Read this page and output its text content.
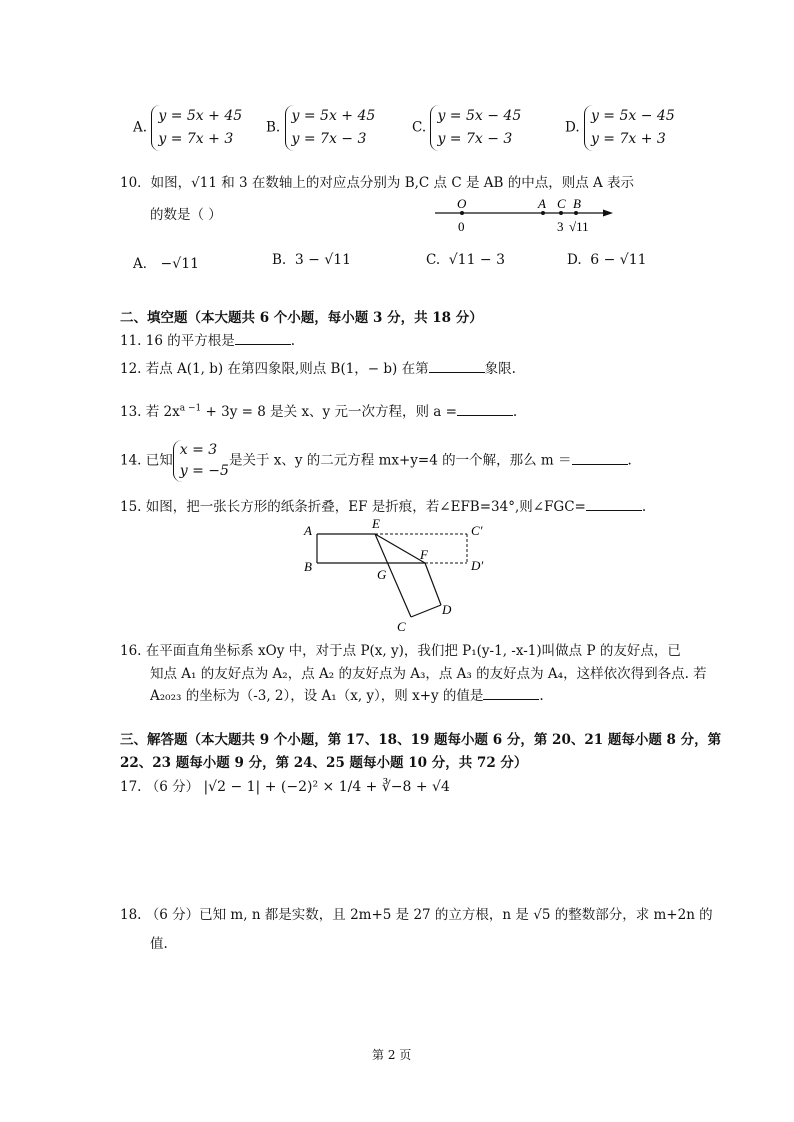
A. y = 5x + 45
y = 7x + 3
B. y = 5x + 45
y = 7x − 3
C. y = 5x − 45
y = 7x − 3
D. y = 5x − 45
y = 7x + 3
10．如图，√11 和 3 在数轴上的对应点分别为 B,C 点 C 是 AB 的中点，则点 A 表示
的数是（ ）
O	A C B
0	3 √11
A． −√11	B. 3 − √11	C. √11 − 3	D. 6 − √11
二、填空题（本大题共 6 个小题，每小题 3 分，共 18 分）
11. 16 的平方根是	.
12. 若点 A(1, b) 在第四象限,则点 B(1，− b) 在第	象限.
13. 若 $2x^{a -1} + 3y = 8$ 是关 x、y 元一次方程，则 a =	.
14. 已知x = 3
y = −5是关于 x、y 的二元方程 mx+y=4 的一个解，那么 m ＝	.
15. 如图，把一张长方形的纸条折叠，EF 是折痕，若∠EFB=34°,则∠FGC=	.
A	E	C′
B
G
F
D′
C
D
16. 在平面直角坐标系 xOy 中，对于点 P(x, y)，我们把 P₁(y-1, -x-1)叫做点 P 的友好点，已
知点 A₁ 的友好点为 A₂，点 A₂ 的友好点为 A₃，点 A₃ 的友好点为 A₄，这样依次得到各点. 若
A₂₀₂₃ 的坐标为（-3, 2），设 A₁（x, y），则 x+y 的值是	.
三、解答题（本大题共 9 个小题，第 17、18、19 题每小题 6 分，第 20、21 题每小题 8 分，第
22、23 题每小题 9 分，第 24、25 题每小题 10 分，共 72 分）
17. （6 分） |√2 − 1| + (−2)² × 1/4 + ∛−8 + √4
18. （6 分）已知 m, n 都是实数，且 2m+5 是 27 的立方根，n 是 √5 的整数部分，求 m+2n 的
值.
第 2 页
